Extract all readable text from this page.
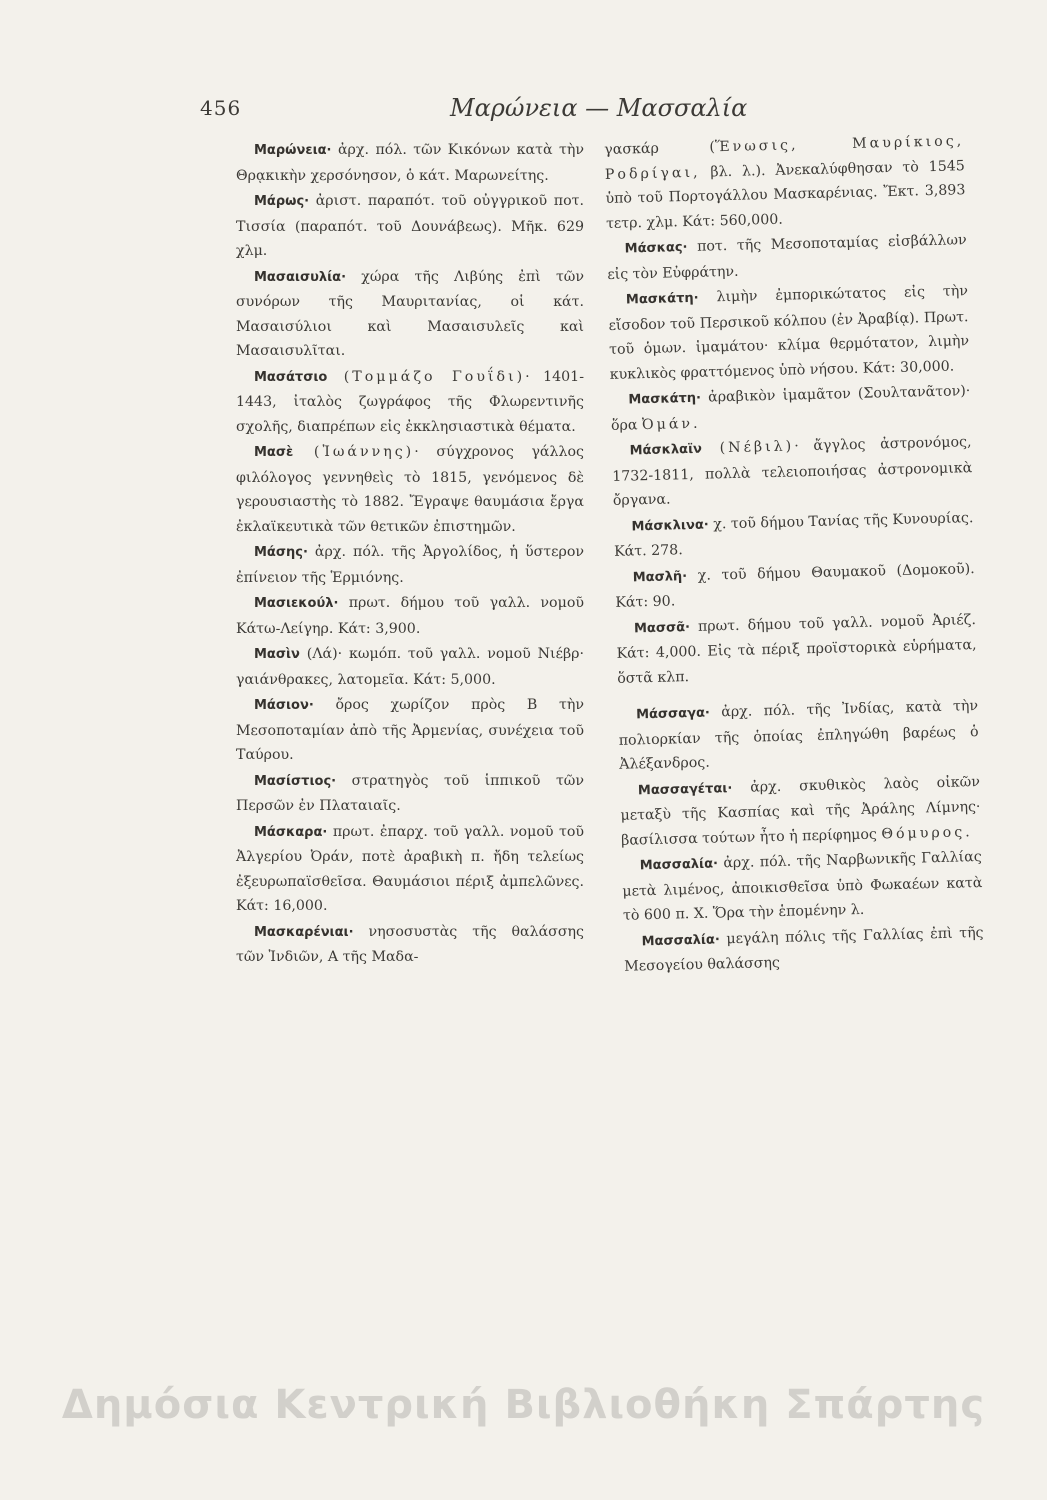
456	Μαρώνεια — Μασσαλία

Μαρώνεια· ἀρχ. πόλ. τῶν Κικόνων κατὰ τὴν Θρᾳκικὴν χερσόνησον, ὁ κάτ. Μαρωνείτης.

Μάρως· ἀριστ. παραπότ. τοῦ οὐγγρικοῦ ποτ. Τισσία (παραπότ. τοῦ Δουνάβεως). Μῆκ. 629 χλμ.

Μασαισυλία· χώρα τῆς Λιβύης ἐπὶ τῶν συνόρων τῆς Μαυριτανίας, οἱ κάτ. Μασαισύλιοι καὶ Μασαισυλεῖς καὶ Μασαισυλῖται.

Μασάτσιο (Τομμάζο Γουΐδι)· 1401-1443, ἰταλὸς ζωγράφος τῆς Φλωρεντινῆς σχολῆς, διαπρέπων εἰς ἐκκλησιαστικὰ θέματα.

Μασὲ (Ἰωάννης)· σύγχρονος γάλλος φιλόλογος γεννηθεὶς τὸ 1815, γενόμενος δὲ γερουσιαστὴς τὸ 1882. Ἔγραψε θαυμάσια ἔργα ἐκλαϊκευτικὰ τῶν θετικῶν ἐπιστημῶν.

Μάσης· ἀρχ. πόλ. τῆς Ἀργολίδος, ἡ ὕστερον ἐπίνειον τῆς Ἑρμιόνης.

Μασιεκούλ· πρωτ. δήμου τοῦ γαλλ. νομοῦ Κάτω-Λείγηρ. Κάτ: 3,900.

Μασὶν (Λά)· κωμόπ. τοῦ γαλλ. νομοῦ Νιέβρ· γαιάνθρακες, λατομεῖα. Κάτ: 5,000.

Μάσιον· ὄρος χωρίζον πρὸς Β τὴν Μεσοποταμίαν ἀπὸ τῆς Ἀρμενίας, συνέχεια τοῦ Ταύρου.

Μασίστιος· στρατηγὸς τοῦ ἱππικοῦ τῶν Περσῶν ἐν Πλαταιαῖς.

Μάσκαρα· πρωτ. ἐπαρχ. τοῦ γαλλ. νομοῦ τοῦ Ἀλγερίου Ὀράν, ποτὲ ἀραβικὴ π. ἤδη τελείως ἐξευρωπαϊσθεῖσα. Θαυμάσιοι πέριξ ἀμπελῶνες. Κάτ: 16,000.

Μασκαρένιαι· νησοσυστὰς τῆς θαλάσσης τῶν Ἰνδιῶν, Α τῆς Μαδα-

γασκάρ (Ἕνωσις, Μαυρίκιος, Ροδρίγαι, βλ. λ.). Ἀνεκαλύφθησαν τὸ 1545 ὑπὸ τοῦ Πορτογάλλου Μασκαρένιας. Ἔκτ. 3,893 τετρ. χλμ. Κάτ: 560,000.

Μάσκας· ποτ. τῆς Μεσοποταμίας εἰσβάλλων εἰς τὸν Εὐφράτην.

Μασκάτη· λιμὴν ἐμπορικώτατος εἰς τὴν εἴσοδον τοῦ Περσικοῦ κόλπου (ἐν Ἀραβίᾳ). Πρωτ. τοῦ ὁμων. ἱμαμάτου· κλίμα θερμότατον, λιμὴν κυκλικὸς φραττόμενος ὑπὸ νήσου. Κάτ: 30,000.

Μασκάτη· ἀραβικὸν ἱμαμᾶτον (Σουλτανᾶτον)· ὅρα Ὀμάν.

Μάσκλαϊν (Νέβιλ)· ἄγγλος ἀστρονόμος, 1732-1811, πολλὰ τελειοποιήσας ἀστρονομικὰ ὄργανα.

Μάσκλινα· χ. τοῦ δήμου Τανίας τῆς Κυνουρίας. Κάτ. 278.

Μασλῆ· χ. τοῦ δήμου Θαυμακοῦ (Δομοκοῦ). Κάτ: 90.

Μασσᾶ· πρωτ. δήμου τοῦ γαλλ. νομοῦ Ἀριέζ. Κάτ: 4,000. Εἰς τὰ πέριξ προϊστορικὰ εὑρήματα, ὅστᾶ κλπ.

Μάσσαγα· ἀρχ. πόλ. τῆς Ἰνδίας, κατὰ τὴν πολιορκίαν τῆς ὁποίας ἐπληγώθη βαρέως ὁ Ἀλέξανδρος.

Μασσαγέται· ἀρχ. σκυθικὸς λαὸς οἰκῶν μεταξὺ τῆς Κασπίας καὶ τῆς Ἀράλης Λίμνης· βασίλισσα τούτων ἦτο ἡ περίφημος Θόμυρος.

Μασσαλία· ἀρχ. πόλ. τῆς Ναρβωνικῆς Γαλλίας μετὰ λιμένος, ἀποικισθεῖσα ὑπὸ Φωκαέων κατὰ τὸ 600 π. Χ. Ὅρα τὴν ἑπομένην λ.

Μασσαλία· μεγάλη πόλις τῆς Γαλλίας ἐπὶ τῆς Μεσογείου θαλάσσης

Δημόσια Κεντρική Βιβλιοθήκη Σπάρτης
